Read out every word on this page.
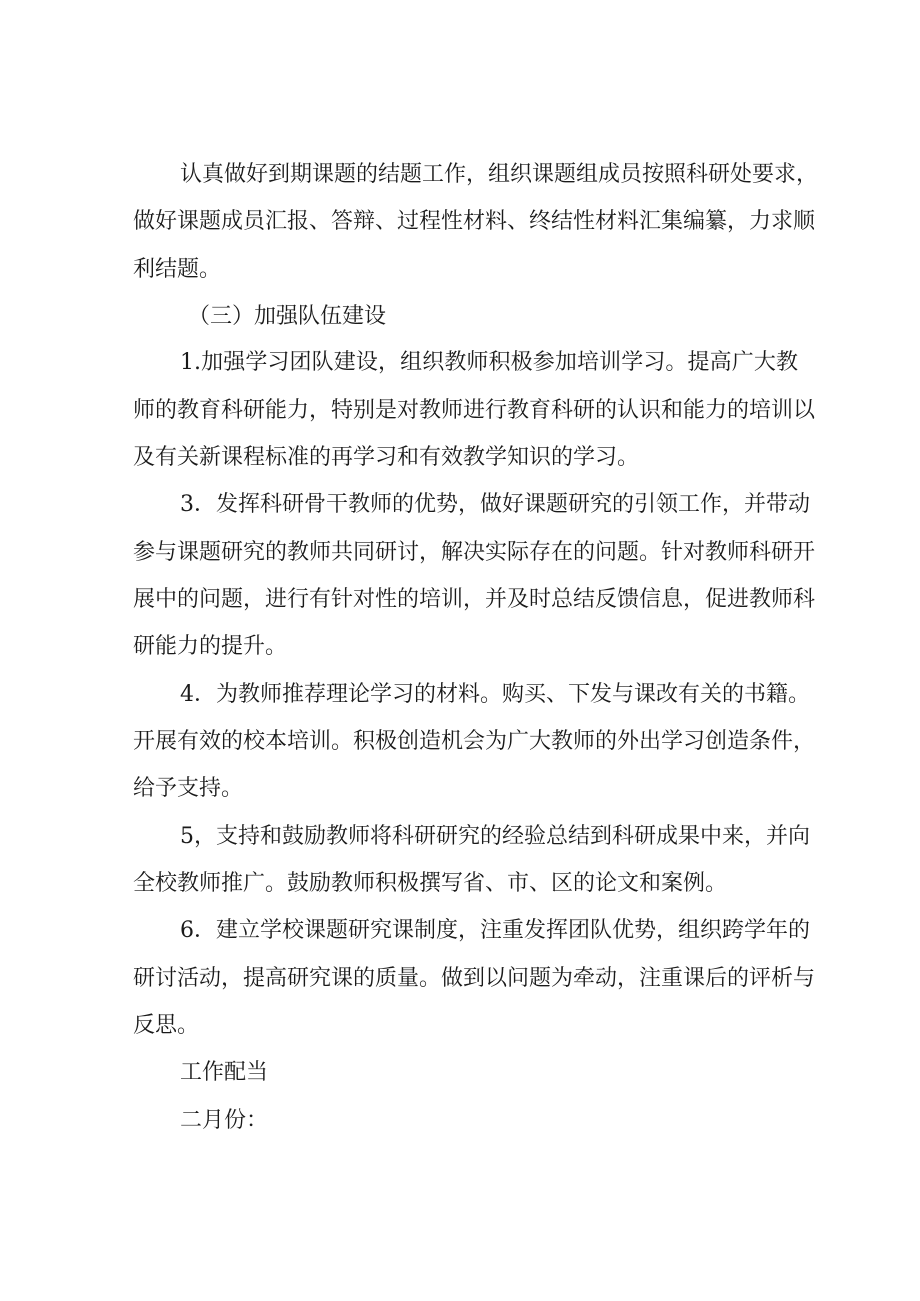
认真做好到期课题的结题工作，组织课题组成员按照科研处要求，
做好课题成员汇报、答辩、过程性材料、终结性材料汇集编纂，力求顺
利结题。
（三）加强队伍建设
1.加强学习团队建设，组织教师积极参加培训学习。提高广大教
师的教育科研能力，特别是对教师进行教育科研的认识和能力的培训以
及有关新课程标准的再学习和有效教学知识的学习。
3．发挥科研骨干教师的优势，做好课题研究的引领工作，并带动
参与课题研究的教师共同研讨，解决实际存在的问题。针对教师科研开
展中的问题，进行有针对性的培训，并及时总结反馈信息，促进教师科
研能力的提升。
4．为教师推荐理论学习的材料。购买、下发与课改有关的书籍。
开展有效的校本培训。积极创造机会为广大教师的外出学习创造条件，
给予支持。
5，支持和鼓励教师将科研研究的经验总结到科研成果中来，并向
全校教师推广。鼓励教师积极撰写省、市、区的论文和案例。
6．建立学校课题研究课制度，注重发挥团队优势，组织跨学年的
研讨活动，提高研究课的质量。做到以问题为牵动，注重课后的评析与
反思。
工作配当
二月份：
